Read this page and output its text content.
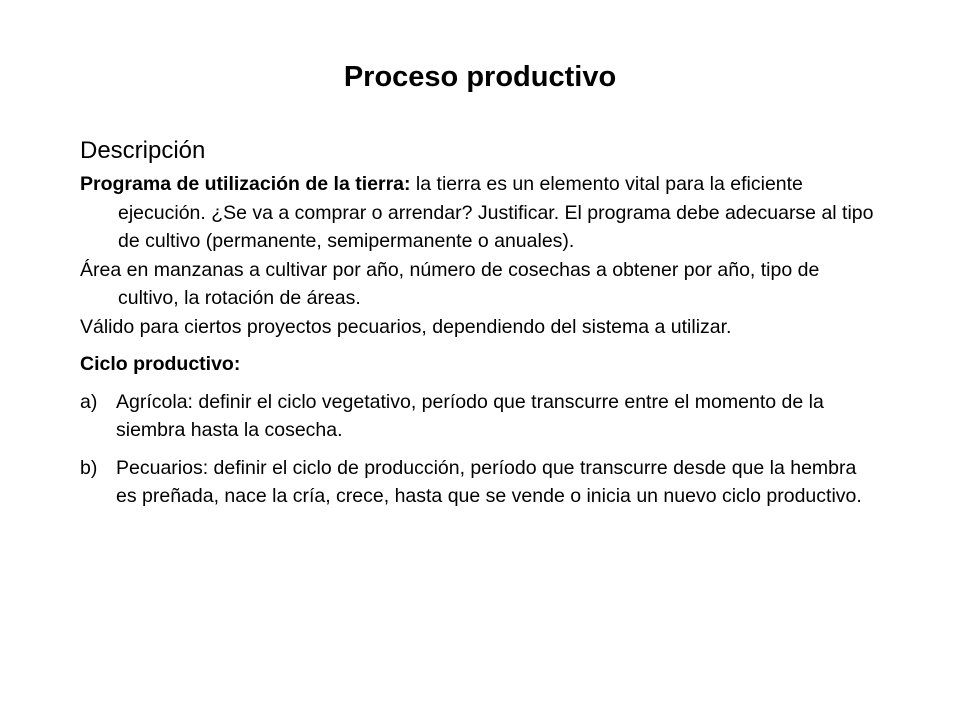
Proceso productivo
Descripción

Programa de utilización de la tierra: la tierra es un elemento vital para la eficiente ejecución. ¿Se va a comprar o arrendar? Justificar. El programa debe adecuarse al tipo de cultivo (permanente, semipermanente o anuales).

Área en manzanas a cultivar por año, número de cosechas a obtener por año, tipo de cultivo, la rotación de áreas.

Válido para ciertos proyectos pecuarios, dependiendo del sistema a utilizar.

Ciclo productivo:

a) Agrícola: definir el ciclo vegetativo, período que transcurre entre el momento de la siembra hasta la cosecha.
b) Pecuarios: definir el ciclo de producción, período que transcurre desde que la hembra es preñada, nace la cría, crece, hasta que se vende o inicia un nuevo ciclo productivo.
